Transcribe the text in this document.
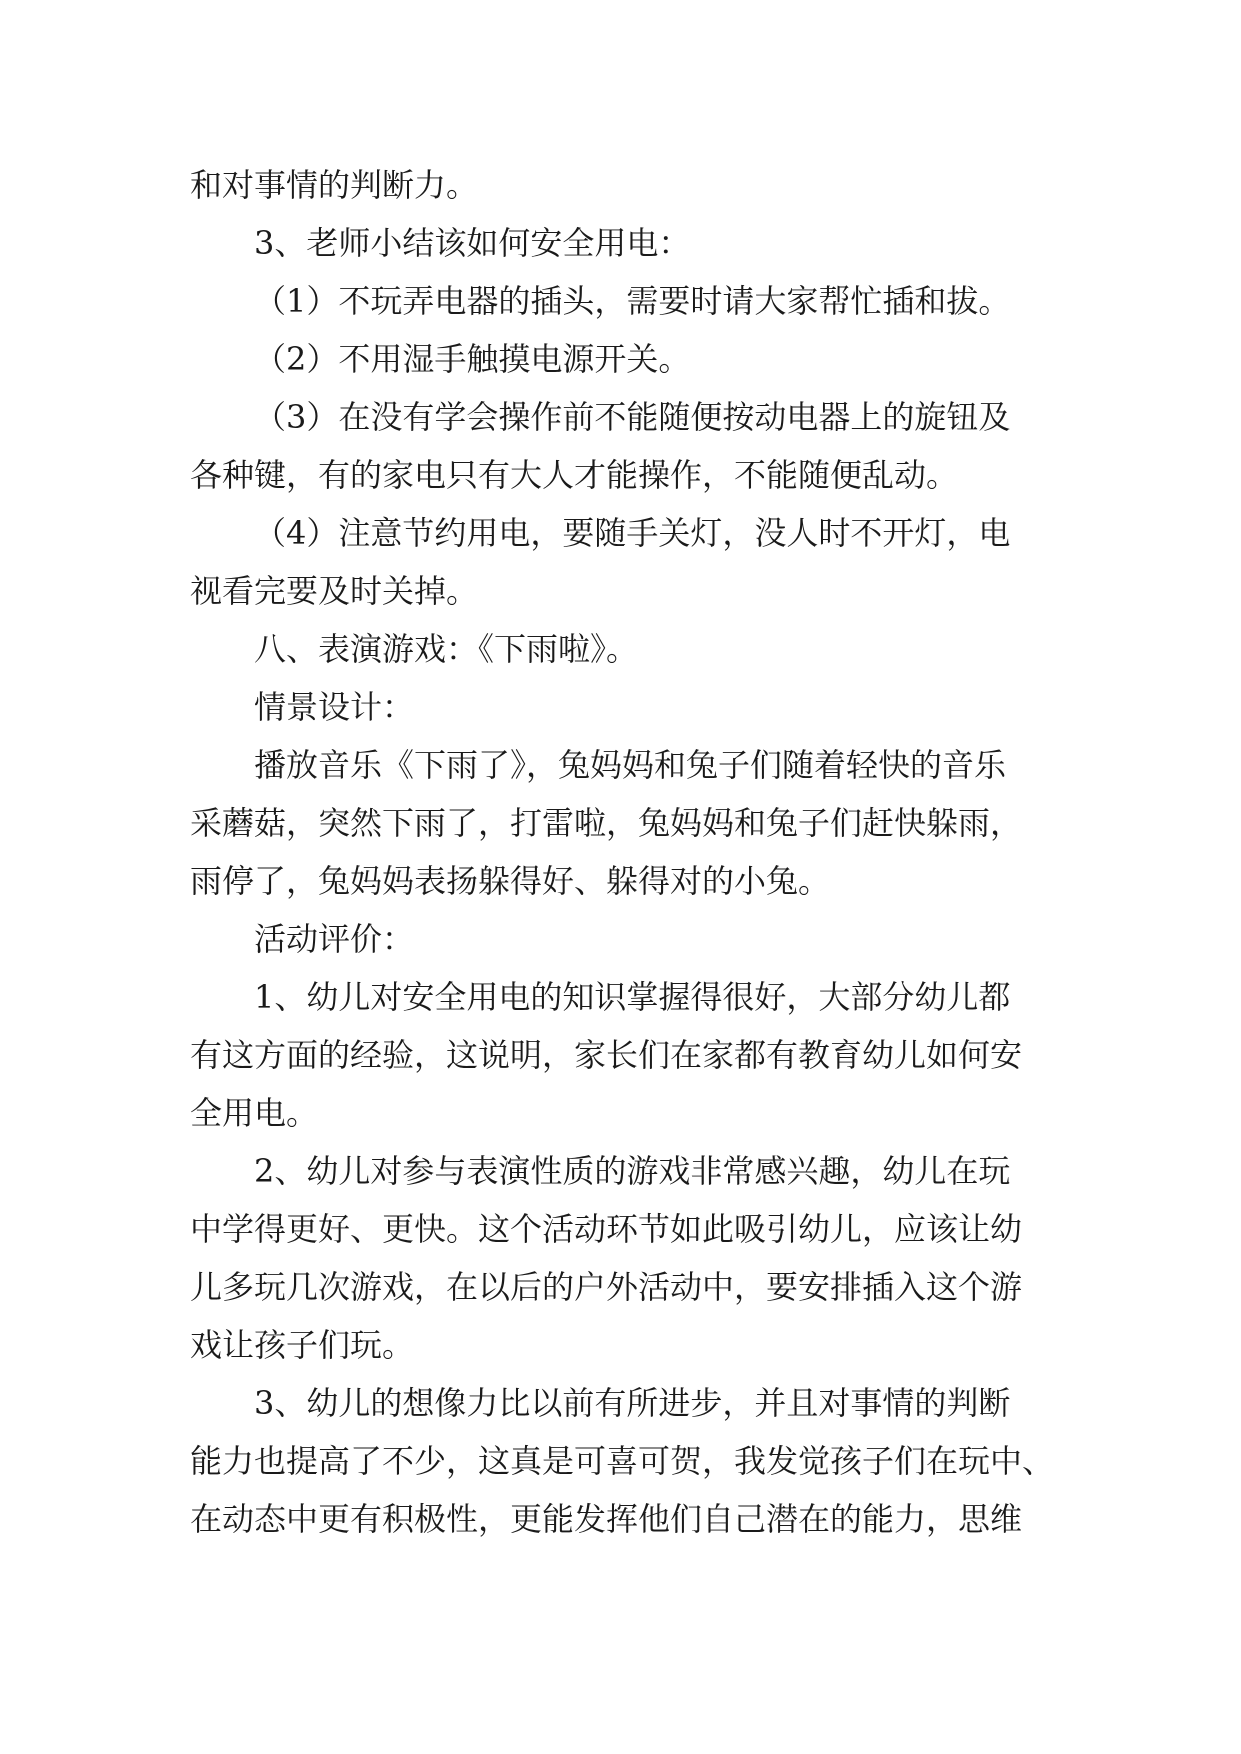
和对事情的判断力。
3、老师小结该如何安全用电：
（1）不玩弄电器的插头，需要时请大家帮忙插和拔。
（2）不用湿手触摸电源开关。
（3）在没有学会操作前不能随便按动电器上的旋钮及
各种键，有的家电只有大人才能操作，不能随便乱动。
（4）注意节约用电，要随手关灯，没人时不开灯，电
视看完要及时关掉。
八、表演游戏：《下雨啦》。
情景设计：
播放音乐《下雨了》，兔妈妈和兔子们随着轻快的音乐
采蘑菇，突然下雨了，打雷啦，兔妈妈和兔子们赶快躲雨，
雨停了，兔妈妈表扬躲得好、躲得对的小兔。
活动评价：
1、幼儿对安全用电的知识掌握得很好，大部分幼儿都
有这方面的经验，这说明，家长们在家都有教育幼儿如何安
全用电。
2、幼儿对参与表演性质的游戏非常感兴趣，幼儿在玩
中学得更好、更快。这个活动环节如此吸引幼儿，应该让幼
儿多玩几次游戏，在以后的户外活动中，要安排插入这个游
戏让孩子们玩。
3、幼儿的想像力比以前有所进步，并且对事情的判断
能力也提高了不少，这真是可喜可贺，我发觉孩子们在玩中、
在动态中更有积极性，更能发挥他们自己潜在的能力，思维
